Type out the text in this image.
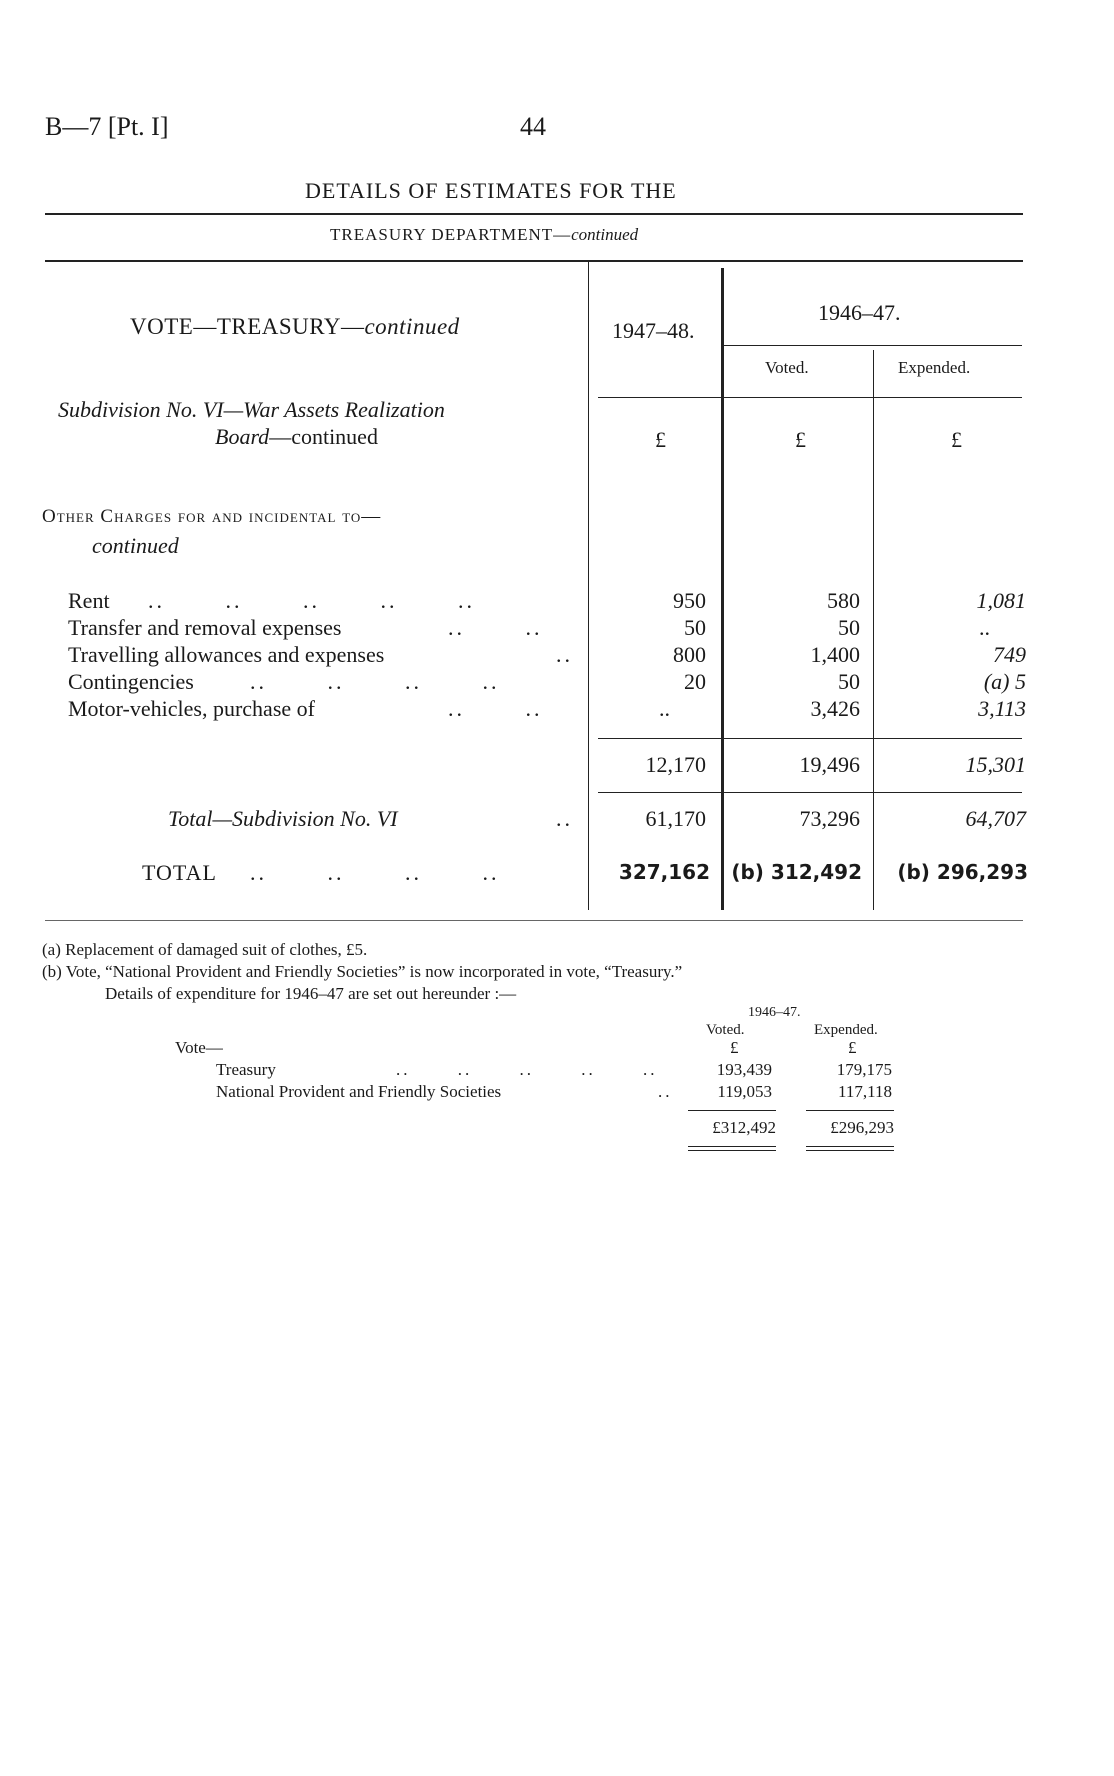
B—7 [Pt. I]	44
DETAILS OF ESTIMATES FOR THE
TREASURY DEPARTMENT—continued
VOTE—TREASURY—continued	1947–48.
1946–47.
Voted.	Expended.
Subdivision No. VI—War Assets Realization
Board—continued	£	£	£
Other Charges for and incidental to—
continued
Rent .. .. .. .. ..	950	580	1,081
Transfer and removal expenses	.. ..	50	50	..
Travelling allowances and expenses	..	800	1,400	749
Contingencies	.. .. .. ..	20	50	(a) 5
Motor-vehicles, purchase of	.. ..	..	3,426	3,113
12,170	19,496	15,301
Total—Subdivision No. VI	..	61,170	73,296	64,707
TOTAL .. .. .. ..	327,162	(b) 312,492	(b) 296,293
(a) Replacement of damaged suit of clothes, £5.
(b) Vote, “National Provident and Friendly Societies” is now incorporated in vote, “Treasury.”
Details of expenditure for 1946–47 are set out hereunder :—
1946–47.
Voted.	Expended.
Vote—	£	£
Treasury	.. .. .. .. ..	193,439	179,175
National Provident and Friendly Societies	..	119,053	117,118
£312,492	£296,293
